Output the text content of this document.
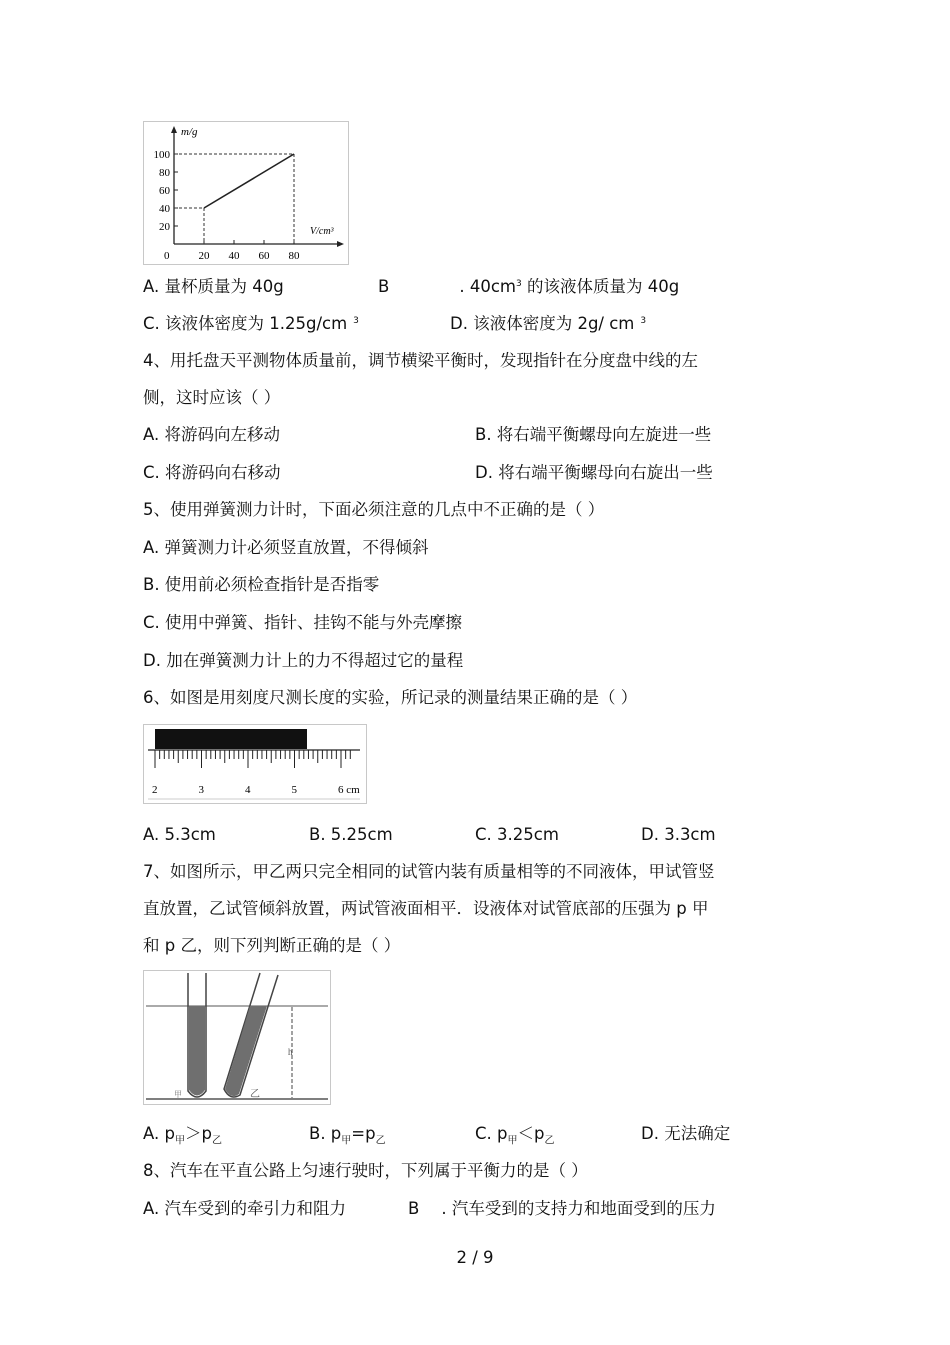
m/g
V/cm³
0
20
40
60
80
100
20 40 60 80
A. 量杯质量为 40g	B	. $40cm^3$ 的该液体质量为 40g
C. 该液体密度为 1.25g/cm $^3$	D. 该液体密度为 2g/ cm $^3$
4、用托盘天平测物体质量前，调节横梁平衡时，发现指针在分度盘中线的左
侧，这时应该（ ）
A. 将游码向左移动	B. 将右端平衡螺母向左旋进一些
C. 将游码向右移动	D. 将右端平衡螺母向右旋出一些
5、使用弹簧测力计时，下面必须注意的几点中不正确的是（ ）
A. 弹簧测力计必须竖直放置，不得倾斜
B. 使用前必须检查指针是否指零
C. 使用中弹簧、指针、挂钩不能与外壳摩擦
D. 加在弹簧测力计上的力不得超过它的量程
6、如图是用刻度尺测长度的实验，所记录的测量结果正确的是（ ）
2	3	4	5	6 cm
A. 5.3cm	B. 5.25cm	C. 3.25cm	D. 3.3cm
7、如图所示，甲乙两只完全相同的试管内装有质量相等的不同液体，甲试管竖
直放置，乙试管倾斜放置，两试管液面相平．设液体对试管底部的压强为 p 甲
和 p 乙，则下列判断正确的是（ ）
h
甲	乙
A. $p_甲>p_乙$	B. $p_甲=p_乙$	C. $p_甲<p_乙$	D. 无法确定
8、汽车在平直公路上匀速行驶时，下列属于平衡力的是（ ）
A. 汽车受到的牵引力和阻力	B . 汽车受到的支持力和地面受到的压力
2 / 9
